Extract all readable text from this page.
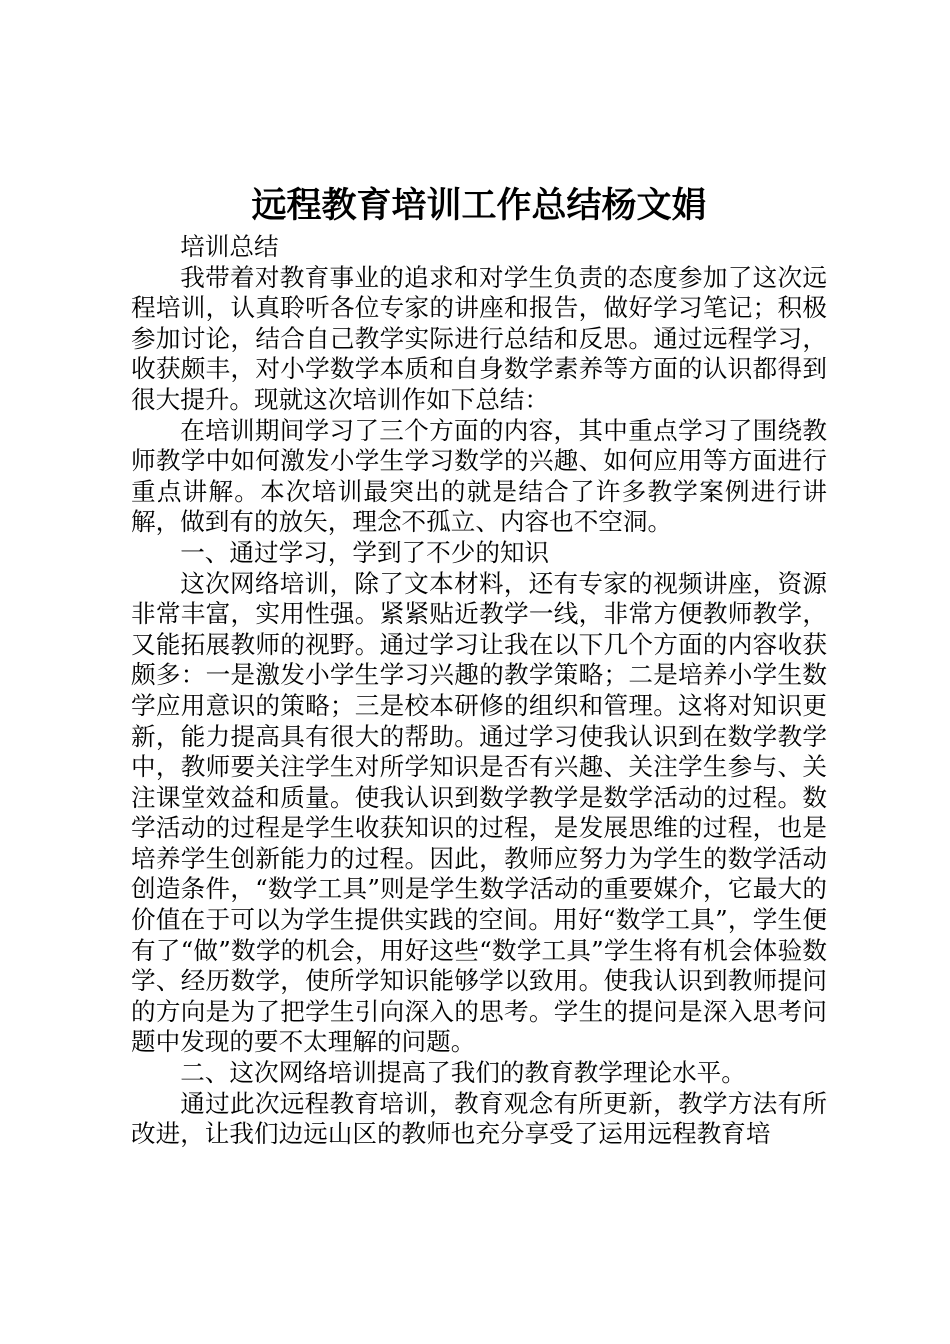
远程教育培训工作总结杨文娟

培训总结

我带着对教育事业的追求和对学生负责的态度参加了这次远程培训，认真聆听各位专家的讲座和报告，做好学习笔记；积极参加讨论，结合自己教学实际进行总结和反思。通过远程学习，收获颇丰，对小学数学本质和自身数学素养等方面的认识都得到很大提升。现就这次培训作如下总结：

在培训期间学习了三个方面的内容，其中重点学习了围绕教师教学中如何激发小学生学习数学的兴趣、如何应用等方面进行重点讲解。本次培训最突出的就是结合了许多教学案例进行讲解，做到有的放矢，理念不孤立、内容也不空洞。

一、通过学习，学到了不少的知识

这次网络培训，除了文本材料，还有专家的视频讲座，资源非常丰富，实用性强。紧紧贴近教学一线，非常方便教师教学，又能拓展教师的视野。通过学习让我在以下几个方面的内容收获颇多：一是激发小学生学习兴趣的教学策略；二是培养小学生数学应用意识的策略；三是校本研修的组织和管理。这将对知识更新，能力提高具有很大的帮助。通过学习使我认识到在数学教学中，教师要关注学生对所学知识是否有兴趣、关注学生参与、关注课堂效益和质量。使我认识到数学教学是数学活动的过程。数学活动的过程是学生收获知识的过程，是发展思维的过程，也是培养学生创新能力的过程。因此，教师应努力为学生的数学活动创造条件，“数学工具”则是学生数学活动的重要媒介，它最大的价值在于可以为学生提供实践的空间。用好“数学工具”，学生便有了“做”数学的机会，用好这些“数学工具”学生将有机会体验数学、经历数学，使所学知识能够学以致用。使我认识到教师提问的方向是为了把学生引向深入的思考。学生的提问是深入思考问题中发现的要不太理解的问题。

二、这次网络培训提高了我们的教育教学理论水平。

通过此次远程教育培训，教育观念有所更新，教学方法有所改进，让我们边远山区的教师也充分享受了运用远程教育培
